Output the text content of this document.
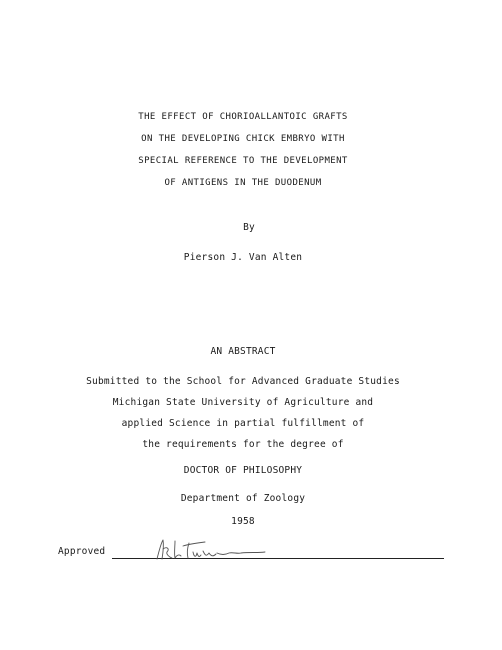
THE EFFECT OF CHORIOALLANTOIC GRAFTS
ON THE DEVELOPING CHICK EMBRYO WITH
SPECIAL REFERENCE TO THE DEVELOPMENT
OF ANTIGENS IN THE DUODENUM
By
Pierson J. Van Alten
AN ABSTRACT
Submitted to the School for Advanced Graduate Studies
Michigan State University of Agriculture and
applied Science in partial fulfillment of
the requirements for the degree of
DOCTOR OF PHILOSOPHY
Department of Zoology
1958
Approved
